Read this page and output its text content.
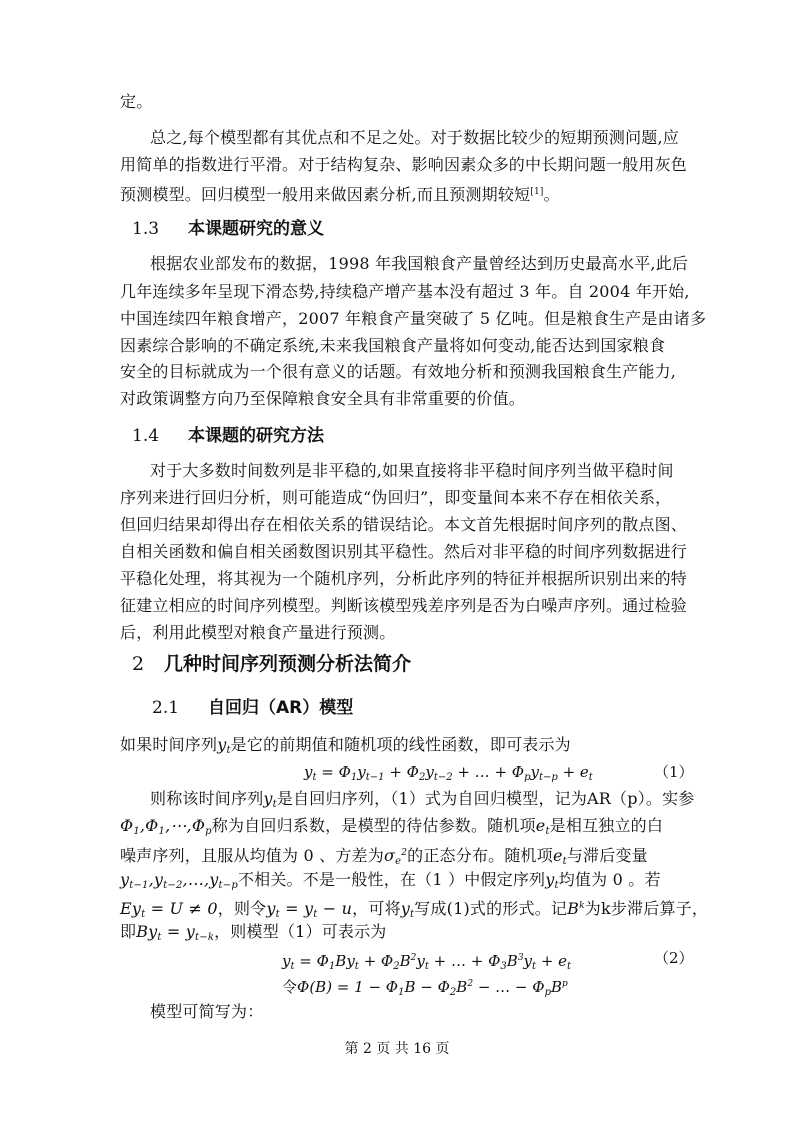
定。
总之,每个模型都有其优点和不足之处。对于数据比较少的短期预测问题,应
用简单的指数进行平滑。对于结构复杂、影响因素众多的中长期问题一般用灰色
预测模型。回归模型一般用来做因素分析,而且预测期较短[1]。
1.3 本课题研究的意义
根据农业部发布的数据，1998 年我国粮食产量曾经达到历史最高水平,此后
几年连续多年呈现下滑态势,持续稳产增产基本没有超过 3 年。自 2004 年开始,
中国连续四年粮食增产，2007 年粮食产量突破了 5 亿吨。但是粮食生产是由诸多
因素综合影响的不确定系统,未来我国粮食产量将如何变动,能否达到国家粮食
安全的目标就成为一个很有意义的话题。有效地分析和预测我国粮食生产能力,
对政策调整方向乃至保障粮食安全具有非常重要的价值。
1.4 本课题的研究方法
对于大多数时间数列是非平稳的,如果直接将非平稳时间序列当做平稳时间
序列来进行回归分析，则可能造成“伪回归”，即变量间本来不存在相依关系，
但回归结果却得出存在相依关系的错误结论。本文首先根据时间序列的散点图、
自相关函数和偏自相关函数图识别其平稳性。然后对非平稳的时间序列数据进行
平稳化处理，将其视为一个随机序列，分析此序列的特征并根据所识别出来的特
征建立相应的时间序列模型。判断该模型残差序列是否为白噪声序列。通过检验
后，利用此模型对粮食产量进行预测。
2 几种时间序列预测分析法简介
2.1 自回归（AR）模型
如果时间序列$y_t$是它的前期值和随机项的线性函数，即可表示为
$y_t = \Phi_1y_{t-1} + \Phi_2y_{t-2}$ + … + $\Phi_py_{t-p} + e_t$	（1）
则称该时间序列$y_t$是自回归序列，（1）式为自回归模型，记为AR（p）。实参
$\Phi_1,\Phi_1,\cdots,\Phi_p$称为自回归系数，是模型的待估参数。随机项$e_t$是相互独立的白
噪声序列，且服从均值为 0 、方差为$\sigma_e^2$的正态分布。随机项$e_t$与滞后变量
$y_{t-1},y_{t-2},\dots,y_{t-p}$不相关。不是一般性，在（1 ）中假定序列$y_t$均值为 0 。若
$Ey_t = U \ne 0$，则令$y_t = y_t - u$，可将$y_t$写成(1)式的形式。记$B^k$为k步滞后算子，
即$By_t = y_{t-k}$，则模型（1）可表示为
$y_t = \Phi_1By_t + \Phi_2B^2y_t$ + … + $\Phi_3B^3y_t + e_t$	（2）
令$\Phi(B) = 1 - \Phi_1B - \Phi_2B^2$ − … − $\Phi_pB^p$
模型可简写为：
第 2 页 共 16 页
